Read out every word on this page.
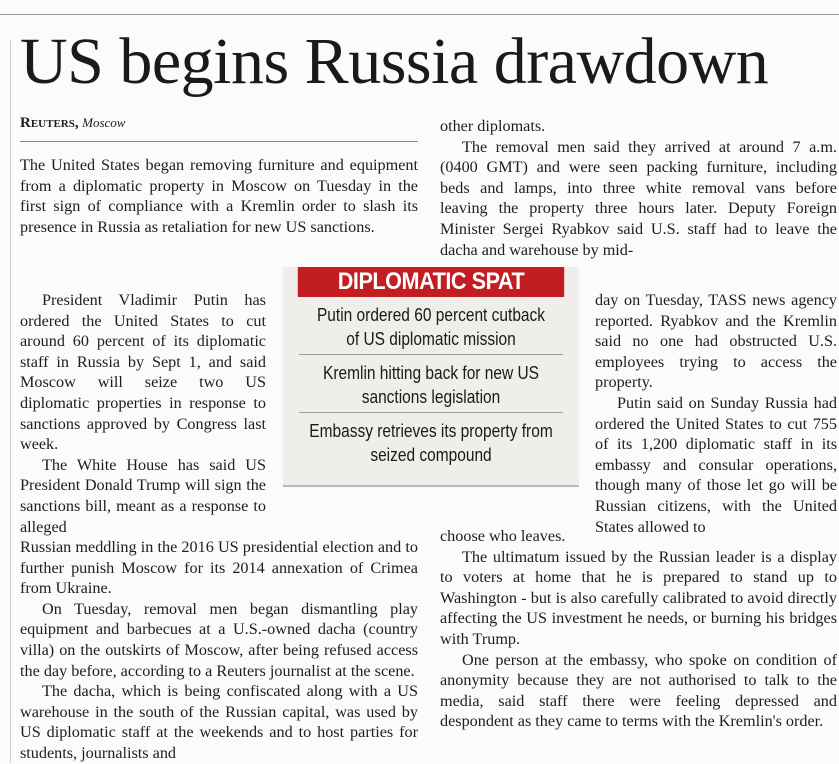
US begins Russia drawdown
Reuters, Moscow

The United States began removing furniture and equipment from a diplomatic property in Moscow on Tuesday in the first sign of compliance with a Kremlin order to slash its presence in Russia as retaliation for new US sanctions.

President Vladimir Putin has ordered the United States to cut around 60 percent of its diplomatic staff in Russia by Sept 1, and said Moscow will seize two US diplomatic properties in response to sanctions approved by Congress last week.

The White House has said US President Donald Trump will sign the sanctions bill, meant as a response to alleged

Russian meddling in the 2016 US presidential election and to further punish Moscow for its 2014 annexation of Crimea from Ukraine.

On Tuesday, removal men began dismantling play equipment and barbecues at a U.S.-owned dacha (country villa) on the outskirts of Moscow, after being refused access the day before, according to a Reuters journalist at the scene.

The dacha, which is being confiscated along with a US warehouse in the south of the Russian capital, was used by US diplomatic staff at the weekends and to host parties for students, journalists and

DIPLOMATIC SPAT
Putin ordered 60 percent cutback of US diplomatic mission
Kremlin hitting back for new US sanctions legislation
Embassy retrieves its property from seized compound

other diplomats.

The removal men said they arrived at around 7 a.m. (0400 GMT) and were seen packing furniture, including beds and lamps, into three white removal vans before leaving the property three hours later. Deputy Foreign Minister Sergei Ryabkov said U.S. staff had to leave the dacha and warehouse by mid-

day on Tuesday, TASS news agency reported. Ryabkov and the Kremlin said no one had obstructed U.S. employees trying to access the property.

Putin said on Sunday Russia had ordered the United States to cut 755 of its 1,200 diplomatic staff in its embassy and consular operations, though many of those let go will be Russian citizens, with the United States allowed to

choose who leaves.

The ultimatum issued by the Russian leader is a display to voters at home that he is prepared to stand up to Washington - but is also carefully calibrated to avoid directly affecting the US investment he needs, or burning his bridges with Trump.

One person at the embassy, who spoke on condition of anonymity because they are not authorised to talk to the media, said staff there were feeling depressed and despondent as they came to terms with the Kremlin's order.
